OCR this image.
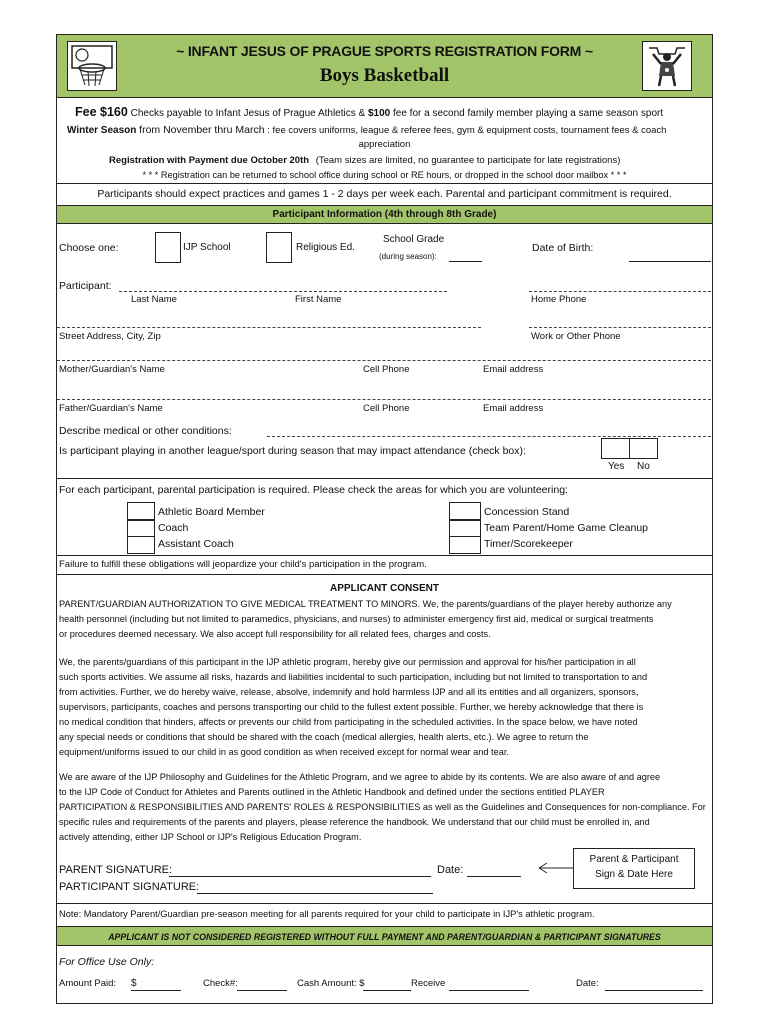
~ INFANT JESUS OF PRAGUE SPORTS REGISTRATION FORM ~
Boys Basketball
Fee $160 Checks payable to Infant Jesus of Prague Athletics & $100 fee for a second family member playing a same season sport
Winter Season from November thru March : fee covers uniforms, league & referee fees, gym & equipment costs, tournament fees & coach
appreciation
Registration with Payment due October 20th (Team sizes are limited, no guarantee to participate for late registrations)
* * * Registration can be returned to school office during school or RE hours, or dropped in the school door mailbox * * *
Participants should expect practices and games 1 - 2 days per week each. Parental and participant commitment is required.
Participant Information (4th through 8th Grade)
Choose one:	IJP School	Religious Ed.
School Grade
(during season):
Date of Birth:
Participant:
Last Name	First Name	Home Phone
Street Address, City, Zip	Work or Other Phone
Mother/Guardian's Name	Cell Phone	Email address
Father/Guardian's Name	Cell Phone	Email address
Describe medical or other conditions:
Is participant playing in another league/sport during season that may impact attendance (check box):
Yes No
For each participant, parental participation is required. Please check the areas for which you are volunteering:
Athletic Board Member
Coach
Assistant Coach
Concession Stand
Team Parent/Home Game Cleanup
Timer/Scorekeeper
Failure to fulfill these obligations will jeopardize your child's participation in the program.
APPLICANT CONSENT
PARENT/GUARDIAN AUTHORIZATION TO GIVE MEDICAL TREATMENT TO MINORS. We, the parents/guardians of the player hereby authorize any
health personnel (including but not limited to paramedics, physicians, and nurses) to administer emergency first aid, medical or surgical treatments
or procedures deemed necessary. We also accept full responsibility for all related fees, charges and costs.
We, the parents/guardians of this participant in the IJP athletic program, hereby give our permission and approval for his/her participation in all
such sports activities. We assume all risks, hazards and liabilities incidental to such participation, including but not limited to transportation to and
from activities. Further, we do hereby waive, release, absolve, indemnify and hold harmless IJP and all its entities and all organizers, sponsors,
supervisors, participants, coaches and persons transporting our child to the fullest extent possible. Further, we hereby acknowledge that there is
no medical condition that hinders, affects or prevents our child from participating in the scheduled activities. In the space below, we have noted
any special needs or conditions that should be shared with the coach (medical allergies, health alerts, etc.). We agree to return the
equipment/uniforms issued to our child in as good condition as when received except for normal wear and tear.
We are aware of the IJP Philosophy and Guidelines for the Athletic Program, and we agree to abide by its contents. We are also aware of and agree
to the IJP Code of Conduct for Athletes and Parents outlined in the Athletic Handbook and defined under the sections entitled PLAYER
PARTICIPATION & RESPONSIBILITIES AND PARENTS' ROLES & RESPONSIBILITIES as well as the Guidelines and Consequences for non-compliance. For
specific rules and requirements of the parents and players, please reference the handbook. We understand that our child must be enrolled in, and
actively attending, either IJP School or IJP's Religious Education Program.
PARENT SIGNATURE:	Date:
PARTICIPANT SIGNATURE:
Parent & Participant
Sign & Date Here
Note: Mandatory Parent/Guardian pre-season meeting for all parents required for your child to participate in IJP's athletic program.
APPLICANT IS NOT CONSIDERED REGISTERED WITHOUT FULL PAYMENT AND PARENT/GUARDIAN & PARTICIPANT SIGNATURES
For Office Use Only:
Amount Paid: $	Check#:	Cash Amount: $	Receive	Date:
